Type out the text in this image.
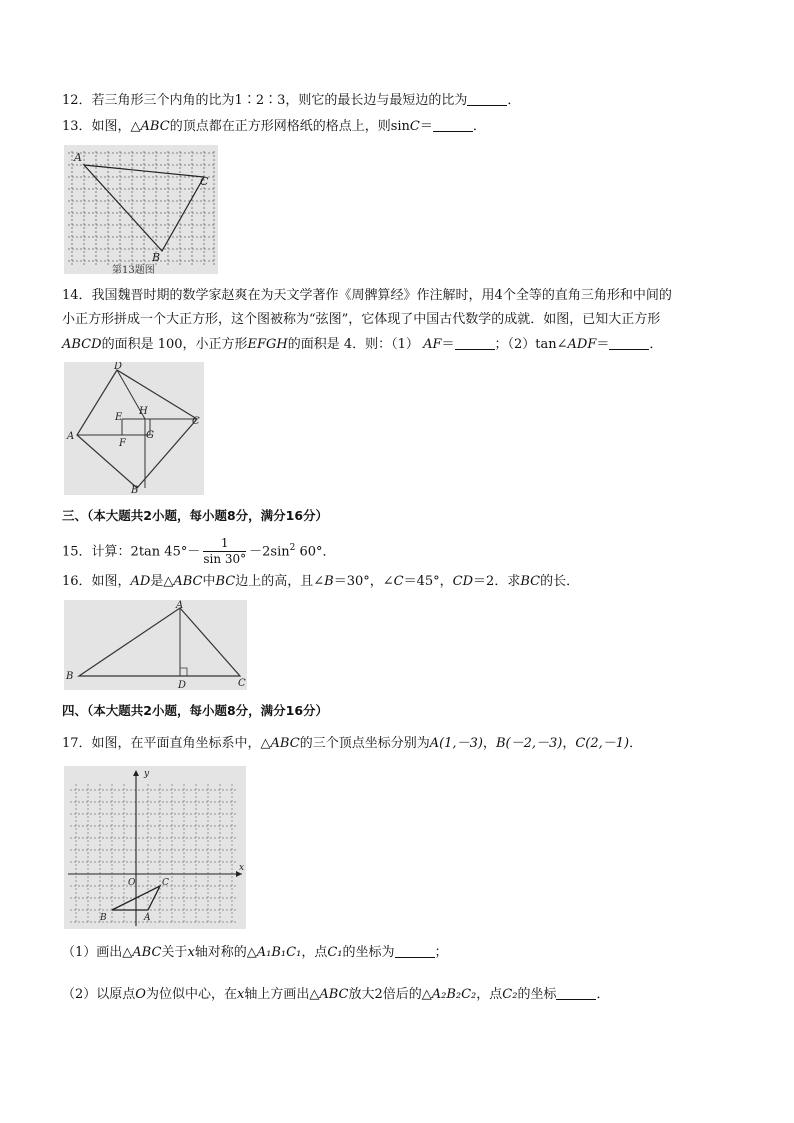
12．若三角形三个内角的比为1∶2∶3，则它的最长边与最短边的比为	．
13．如图，△ABC的顶点都在正方形网格纸的格点上，则sinC＝	．
A
C
B
第13题图
14．我国魏晋时期的数学家赵爽在为天文学著作《周髀算经》作注解时，用4个全等的直角三角形和中间的
小正方形拼成一个大正方形，这个图被称为“弦图”，它体现了中国古代数学的成就．如图，已知大正方形
ABCD的面积是 100，小正方形EFGH的面积是 4．则：（1） AF＝	；（2）tan∠ADF＝	．
D
A
C
B
E
H
G
F
三、（本大题共2小题，每小题8分，满分16分）
15．计算：2tan $45^\circ- \frac{1}{\sin 30^\circ} -2\sin^2$ 60°．
16．如图，AD是△ABC中BC边上的高，且∠B＝30°，∠C＝45°，CD＝2．求BC的长．
A
B
C
D
四、（本大题共2小题，每小题8分，满分16分）
17．如图，在平面直角坐标系中，△ABC的三个顶点坐标分别为A(1,－3)，B(－2,－3)，C(2,－1)．
x
y
O
B	A
C
（1）画出△ABC关于x轴对称的△A₁B₁C₁，点C₁的坐标为	；
（2）以原点O为位似中心，在x轴上方画出△ABC放大2倍后的△A₂B₂C₂，点C₂的坐标	．
